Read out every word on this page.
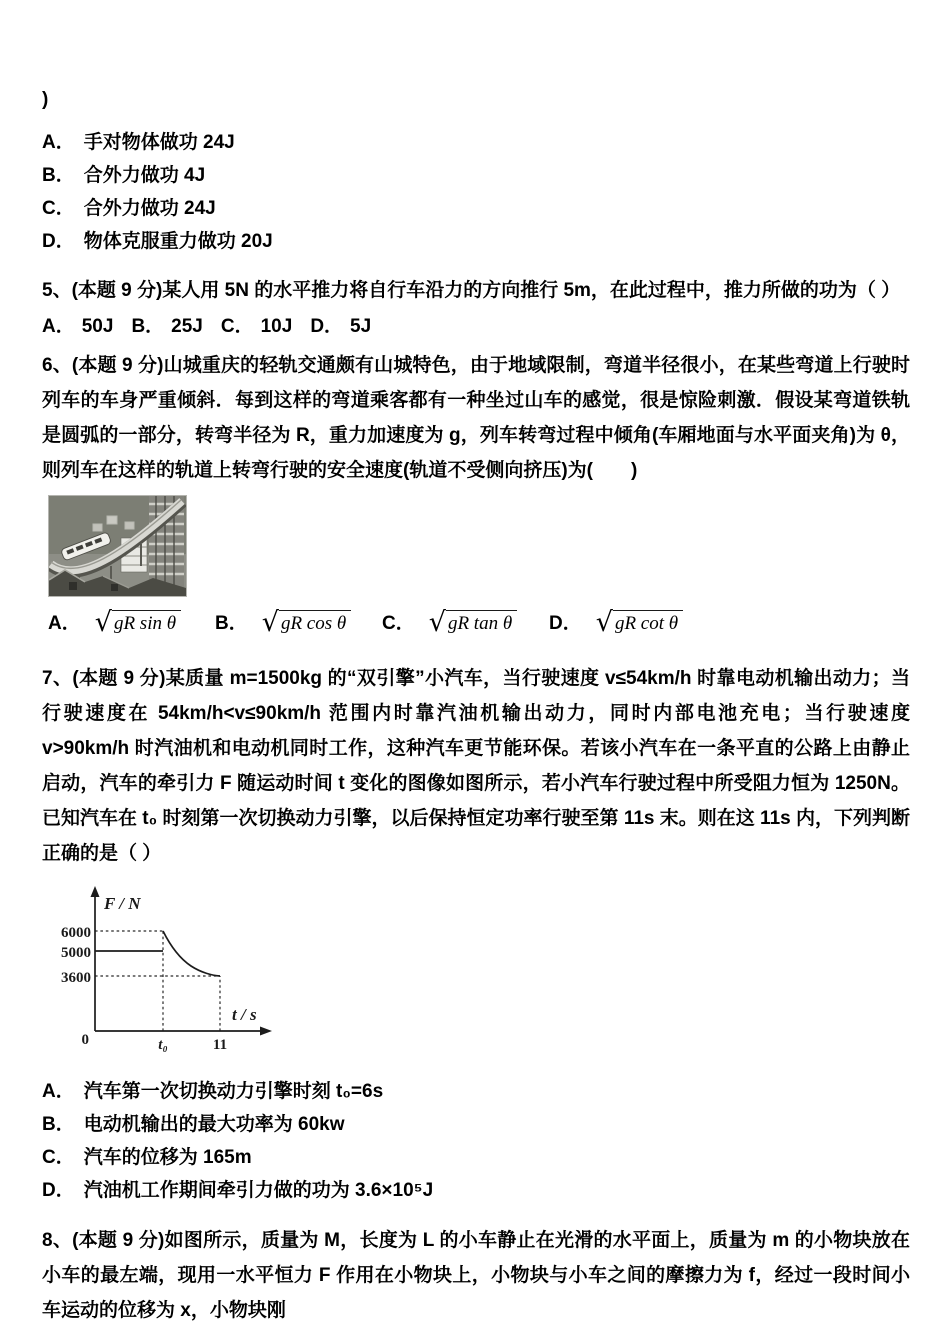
)
A． 手对物体做功 24J
B． 合外力做功 4J
C． 合外力做功 24J
D． 物体克服重力做功 20J

5、(本题 9 分)某人用 5N 的水平推力将自行车沿力的方向推行 5m，在此过程中，推力所做的功为（ ）

A． 50J B． 25J C． 10J D． 5J

6、(本题 9 分)山城重庆的轻轨交通颇有山城特色，由于地域限制，弯道半径很小，在某些弯道上行驶时列车的车身严重倾斜．每到这样的弯道乘客都有一种坐过山车的感觉，很是惊险刺激．假设某弯道铁轨是圆弧的一部分，转弯半径为 R，重力加速度为 g，列车转弯过程中倾角(车厢地面与水平面夹角)为 θ，则列车在这样的轨道上转弯行驶的安全速度(轨道不受侧向挤压)为(　　)

A． √ gR sin θ B． √ gR cos θ C． √ gR tan θ D． √ gR cot θ

7、(本题 9 分)某质量 m=1500kg 的“双引擎”小汽车，当行驶速度 v≤54km/h 时靠电动机输出动力；当行驶速度在 54km/h<v≤90km/h 范围内时靠汽油机输出动力，同时内部电池充电；当行驶速度 v>90km/h 时汽油机和电动机同时工作，这种汽车更节能环保。若该小汽车在一条平直的公路上由静止启动，汽车的牵引力 F 随运动时间 t 变化的图像如图所示，若小汽车行驶过程中所受阻力恒为 1250N。已知汽车在 t₀ 时刻第一次切换动力引擎，以后保持恒定功率行驶至第 11s 末。则在这 11s 内，下列判断正确的是（ ）

F / N
t / s
6000
5000
3600
0	t₀	11
A． 汽车第一次切换动力引擎时刻 t₀=6s
B． 电动机输出的最大功率为 60kw
C． 汽车的位移为 165m
D． 汽油机工作期间牵引力做的功为 3.6×10⁵J

8、(本题 9 分)如图所示，质量为 M，长度为 L 的小车静止在光滑的水平面上，质量为 m 的小物块放在小车的最左端，现用一水平恒力 F 作用在小物块上，小物块与小车之间的摩擦力为 f，经过一段时间小车运动的位移为 x，小物块刚
